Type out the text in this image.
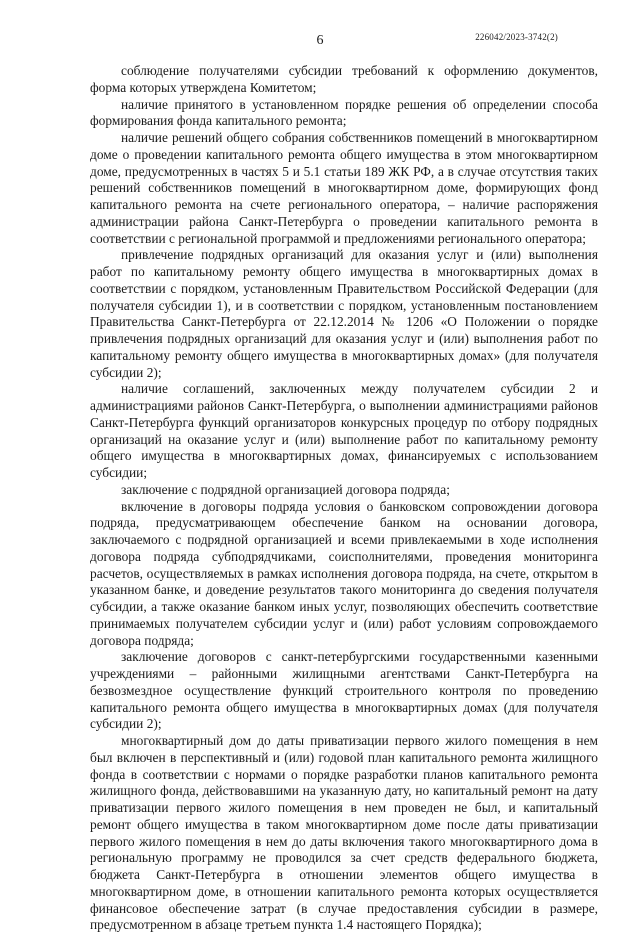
6	226042/2023-3742(2)

соблюдение получателями субсидии требований к оформлению документов, форма которых утверждена Комитетом;

наличие принятого в установленном порядке решения об определении способа формирования фонда капитального ремонта;

наличие решений общего собрания собственников помещений в многоквартирном доме о проведении капитального ремонта общего имущества в этом многоквартирном доме, предусмотренных в частях 5 и 5.1 статьи 189 ЖК РФ, а в случае отсутствия таких решений собственников помещений в многоквартирном доме, формирующих фонд капитального ремонта на счете регионального оператора, – наличие распоряжения администрации района Санкт-Петербурга о проведении капитального ремонта в соответствии с региональной программой и предложениями регионального оператора;

привлечение подрядных организаций для оказания услуг и (или) выполнения работ по капитальному ремонту общего имущества в многоквартирных домах в соответствии с порядком, установленным Правительством Российской Федерации (для получателя субсидии 1), и в соответствии с порядком, установленным постановлением Правительства Санкт-Петербурга от 22.12.2014 № 1206 «О Положении о порядке привлечения подрядных организаций для оказания услуг и (или) выполнения работ по капитальному ремонту общего имущества в многоквартирных домах» (для получателя субсидии 2);

наличие соглашений, заключенных между получателем субсидии 2 и администрациями районов Санкт-Петербурга, о выполнении администрациями районов Санкт-Петербурга функций организаторов конкурсных процедур по отбору подрядных организаций на оказание услуг и (или) выполнение работ по капитальному ремонту общего имущества в многоквартирных домах, финансируемых с использованием субсидии;

заключение с подрядной организацией договора подряда;

включение в договоры подряда условия о банковском сопровождении договора подряда, предусматривающем обеспечение банком на основании договора, заключаемого с подрядной организацией и всеми привлекаемыми в ходе исполнения договора подряда субподрядчиками, соисполнителями, проведения мониторинга расчетов, осуществляемых в рамках исполнения договора подряда, на счете, открытом в указанном банке, и доведение результатов такого мониторинга до сведения получателя субсидии, а также оказание банком иных услуг, позволяющих обеспечить соответствие принимаемых получателем субсидии услуг и (или) работ условиям сопровождаемого договора подряда;

заключение договоров с санкт-петербургскими государственными казенными учреждениями – районными жилищными агентствами Санкт-Петербурга на безвозмездное осуществление функций строительного контроля по проведению капитального ремонта общего имущества в многоквартирных домах (для получателя субсидии 2);

многоквартирный дом до даты приватизации первого жилого помещения в нем был включен в перспективный и (или) годовой план капитального ремонта жилищного фонда в соответствии с нормами о порядке разработки планов капитального ремонта жилищного фонда, действовавшими на указанную дату, но капитальный ремонт на дату приватизации первого жилого помещения в нем проведен не был, и капитальный ремонт общего имущества в таком многоквартирном доме после даты приватизации первого жилого помещения в нем до даты включения такого многоквартирного дома в региональную программу не проводился за счет средств федерального бюджета, бюджета Санкт-Петербурга в отношении элементов общего имущества в многоквартирном доме, в отношении капитального ремонта которых осуществляется финансовое обеспечение затрат (в случае предоставления субсидии в размере, предусмотренном в абзаце третьем пункта 1.4 настоящего Порядка);
